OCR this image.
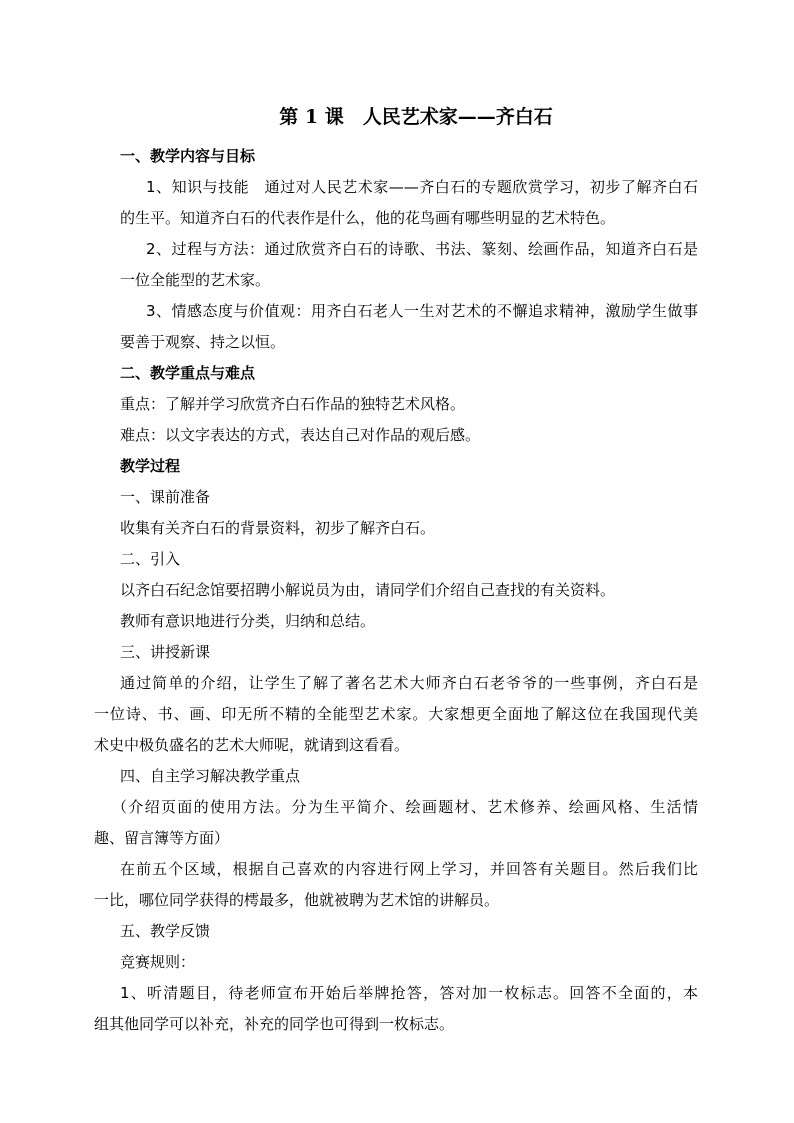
第 1 课　人民艺术家——齐白石
一、教学内容与目标
1、知识与技能　通过对人民艺术家——齐白石的专题欣赏学习，初步了解齐白石
的生平。知道齐白石的代表作是什么，他的花鸟画有哪些明显的艺术特色。
2、过程与方法：通过欣赏齐白石的诗歌、书法、篆刻、绘画作品，知道齐白石是
一位全能型的艺术家。
3、情感态度与价值观：用齐白石老人一生对艺术的不懈追求精神，激励学生做事
要善于观察、持之以恒。
二、教学重点与难点
重点：了解并学习欣赏齐白石作品的独特艺术风格。
难点：以文字表达的方式，表达自己对作品的观后感。
教学过程
一、课前准备
收集有关齐白石的背景资料，初步了解齐白石。
二、引入
以齐白石纪念馆要招聘小解说员为由，请同学们介绍自己查找的有关资料。
教师有意识地进行分类，归纳和总结。
三、讲授新课
通过简单的介绍，让学生了解了著名艺术大师齐白石老爷爷的一些事例，齐白石是
一位诗、书、画、印无所不精的全能型艺术家。大家想更全面地了解这位在我国现代美
术史中极负盛名的艺术大师呢，就请到这看看。
四、自主学习解决教学重点
（介绍页面的使用方法。分为生平简介、绘画题材、艺术修养、绘画风格、生活情
趣、留言簿等方面）
在前五个区域，根据自己喜欢的内容进行网上学习，并回答有关题目。然后我们比
一比，哪位同学获得的樗最多，他就被聘为艺术馆的讲解员。
五、教学反馈
竞赛规则：
1、听清题目，待老师宣布开始后举牌抢答，答对加一枚标志。回答不全面的，本
组其他同学可以补充，补充的同学也可得到一枚标志。
